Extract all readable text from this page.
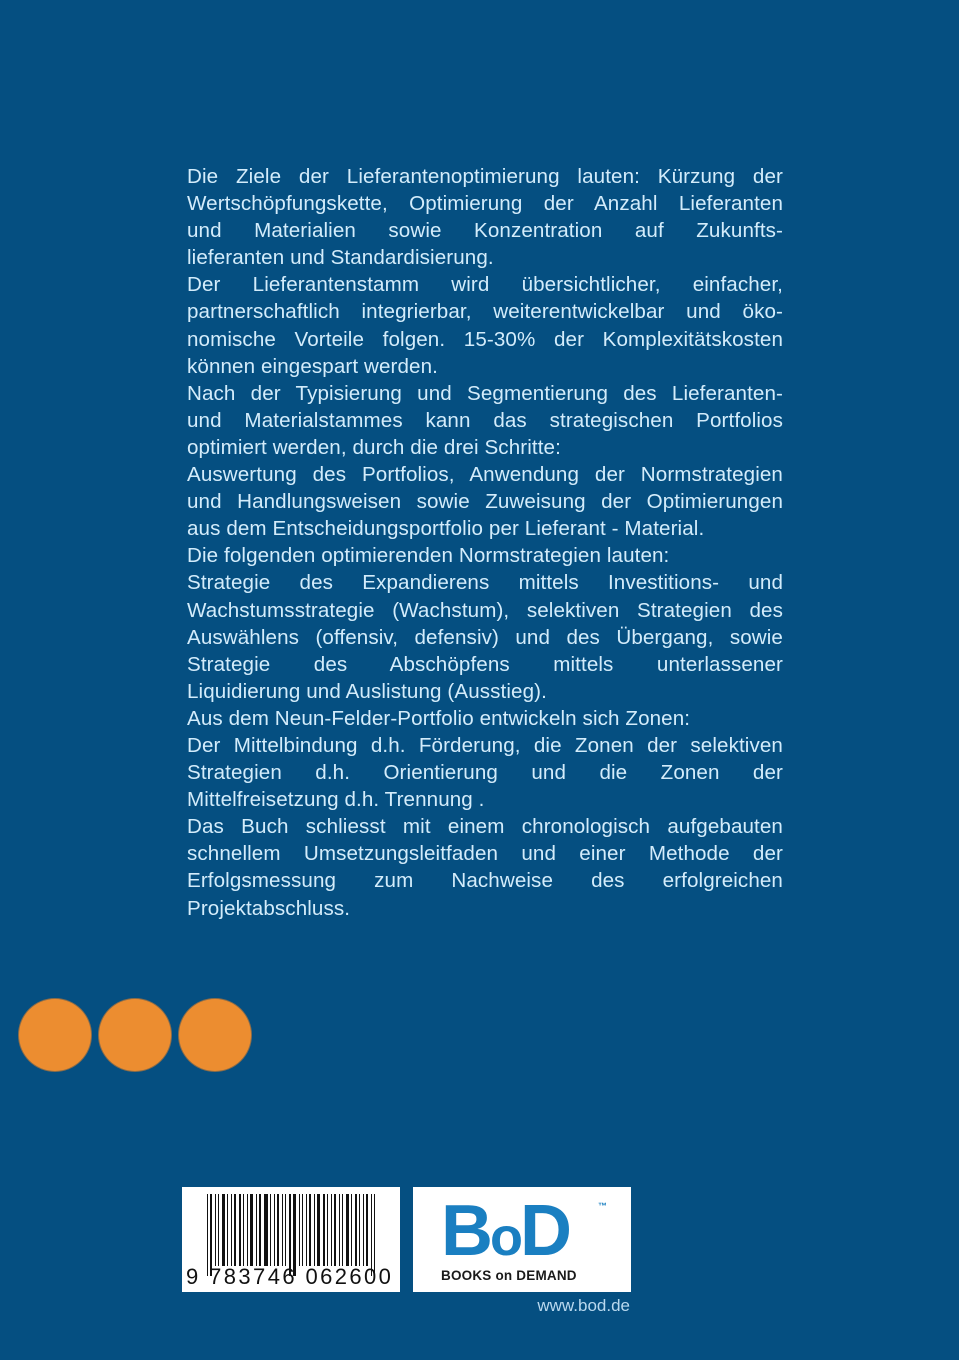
Die Ziele der Lieferantenoptimierung lauten: Kürzung der
Wertschöpfungskette, Optimierung der Anzahl Lieferanten
und Materialien sowie Konzentration auf Zukunfts-
lieferanten und Standardisierung.
Der Lieferantenstamm wird übersichtlicher, einfacher,
partnerschaftlich integrierbar, weiterentwickelbar und öko-
nomische Vorteile folgen. 15-30% der Komplexitätskosten
können eingespart werden.
Nach der Typisierung und Segmentierung des Lieferanten-
und Materialstammes kann das strategischen Portfolios
optimiert werden, durch die drei Schritte:
Auswertung des Portfolios, Anwendung der Normstrategien
und Handlungsweisen sowie Zuweisung der Optimierungen
aus dem Entscheidungsportfolio per Lieferant - Material.
Die folgenden optimierenden Normstrategien lauten:
Strategie des Expandierens mittels Investitions- und
Wachstumsstrategie (Wachstum), selektiven Strategien des
Auswählens (offensiv, defensiv) und des Übergang, sowie
Strategie des Abschöpfens mittels unterlassener
Liquidierung und Auslistung (Ausstieg).
Aus dem Neun-Felder-Portfolio entwickeln sich Zonen:
Der Mittelbindung d.h. Förderung, die Zonen der selektiven
Strategien d.h. Orientierung und die Zonen der
Mittelfreisetzung d.h. Trennung .
Das Buch schliesst mit einem chronologisch aufgebauten
schnellem Umsetzungsleitfaden und einer Methode der
Erfolgsmessung zum Nachweise des erfolgreichen
Projektabschluss.
9 783746 062600
BoD	™
BOOKS on DEMAND
www.bod.de
